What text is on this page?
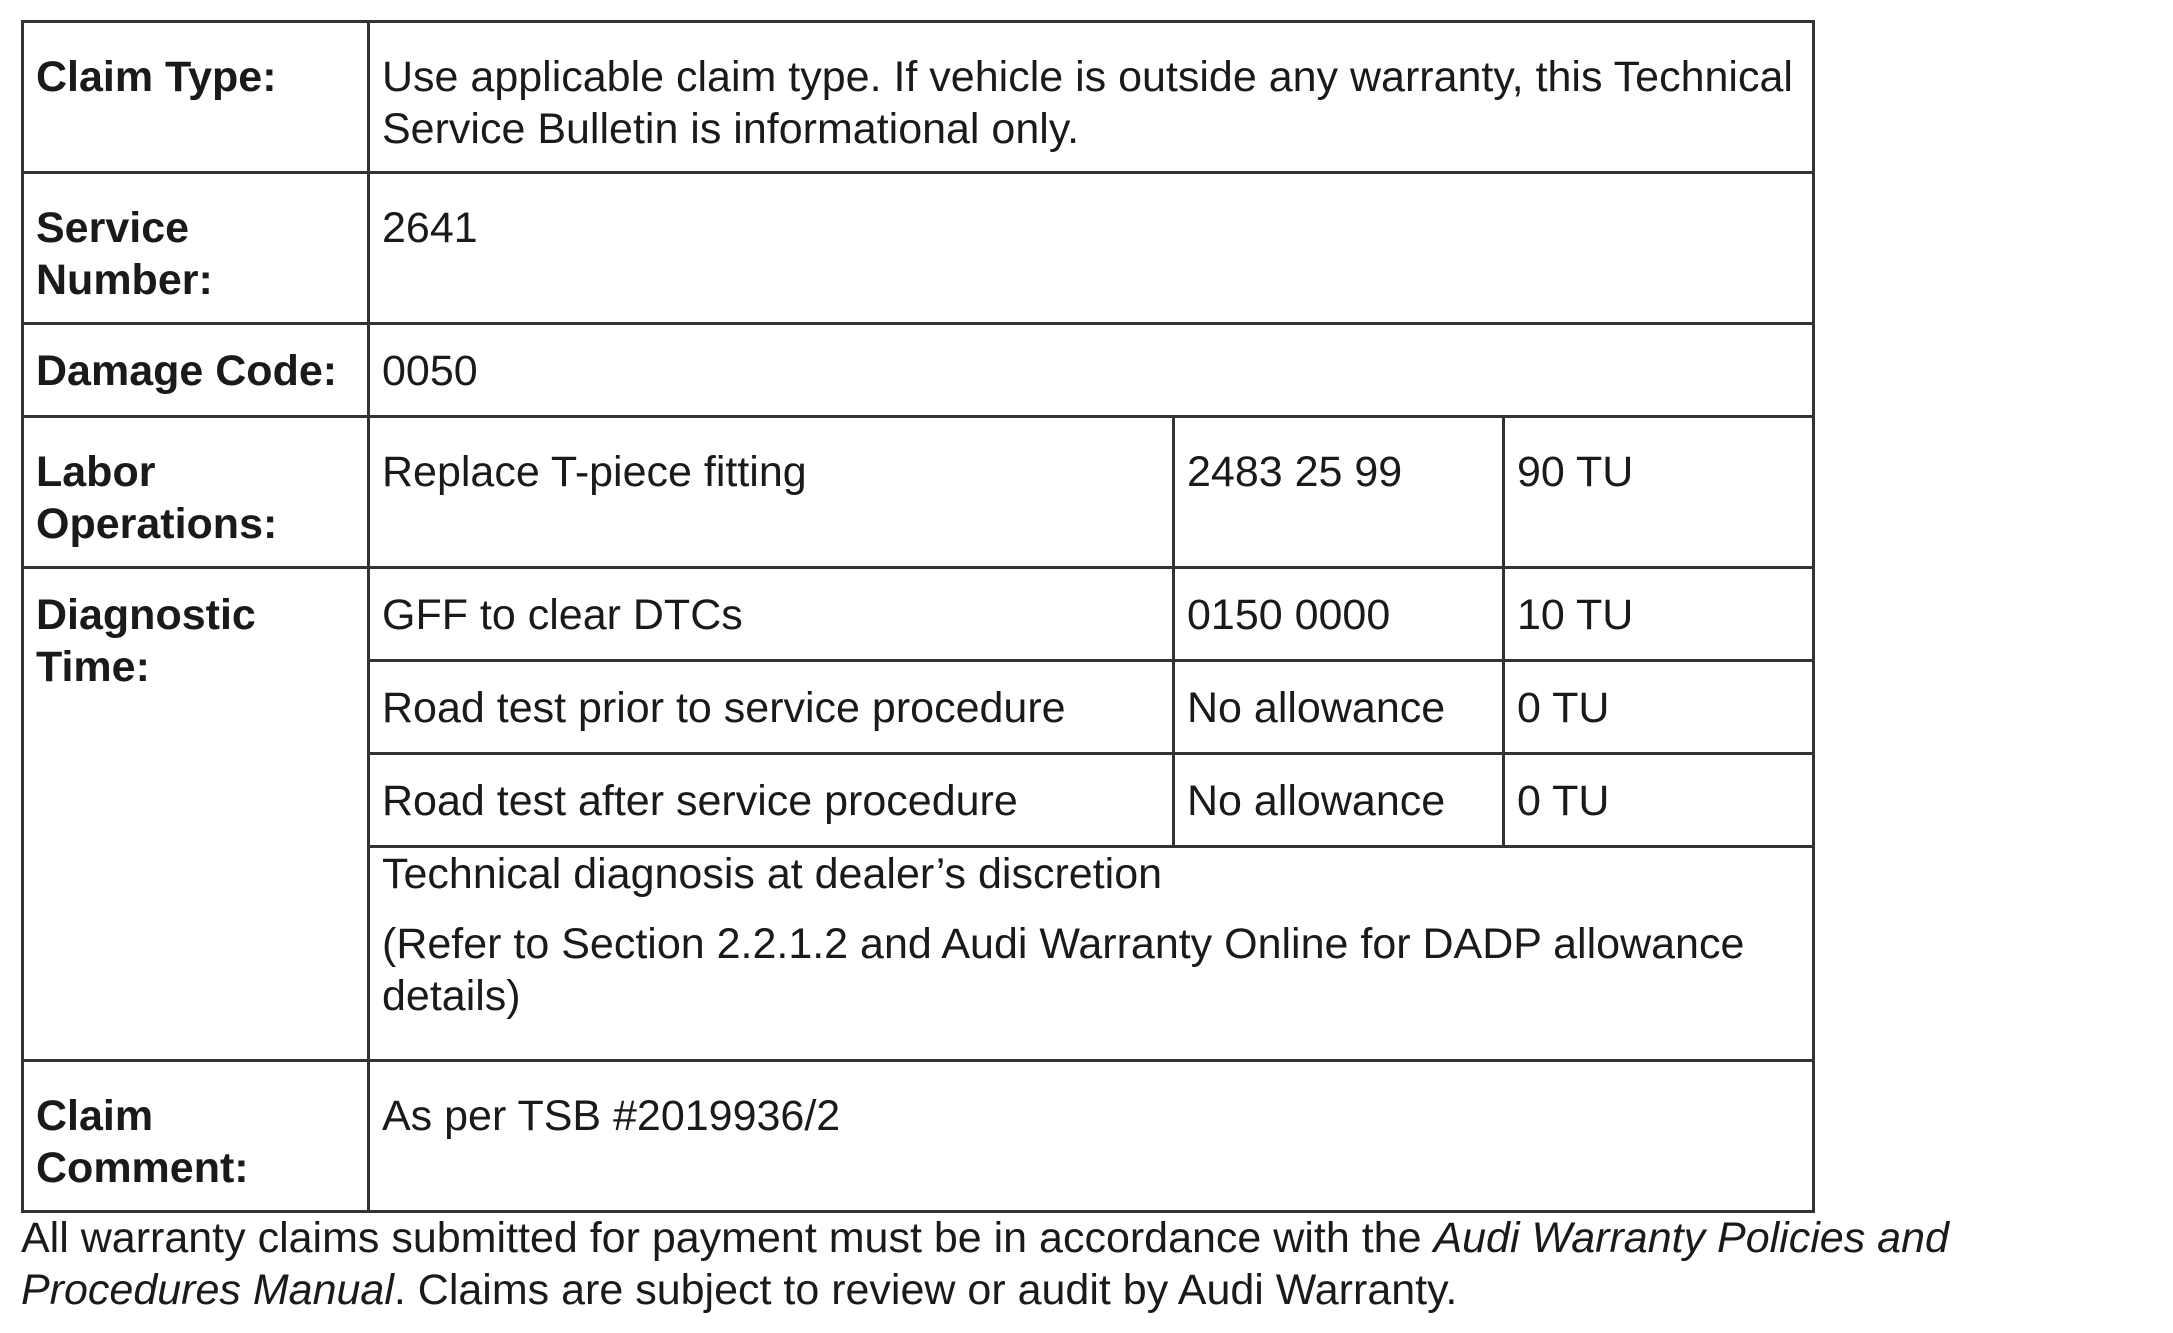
Claim Type:	Use applicable claim type. If vehicle is outside any warranty, this Technical Service Bulletin is informational only.		
Service Number:	2641		
Damage Code:	0050		
Labor Operations:	Replace T-piece fitting	2483 25 99	90 TU
Diagnostic Time:	GFF to clear DTCs	0150 0000	10 TU
	Road test prior to service procedure	No allowance	0 TU
	Road test after service procedure	No allowance	0 TU
	Technical diagnosis at dealer’s discretion
(Refer to Section 2.2.1.2 and Audi Warranty Online for DADP allowance details)		

Claim Comment:	As per TSB #2019936/2		

All warranty claims submitted for payment must be in accordance with the Audi Warranty Policies and Procedures Manual. Claims are subject to review or audit by Audi Warranty.
